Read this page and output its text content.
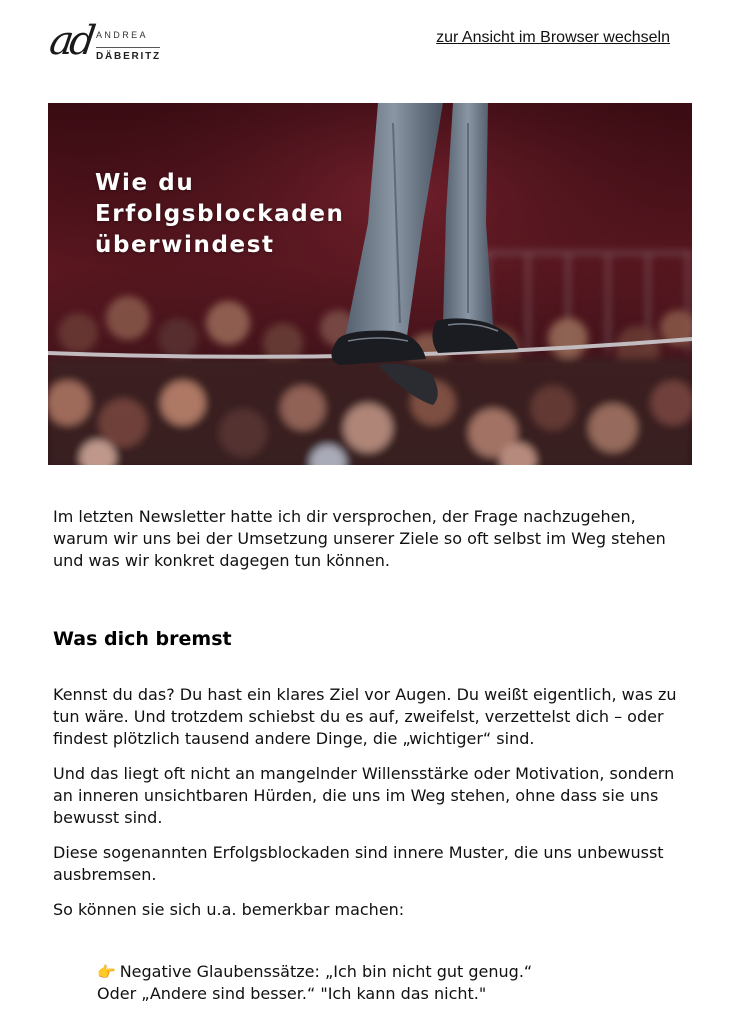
ad ANDREA
DÄBERITZ
zur Ansicht im Browser wechseln
Wie du
Erfolgsblockaden
überwindest

Im letzten Newsletter hatte ich dir versprochen, der Frage nachzugehen, warum wir uns bei der Umsetzung unserer Ziele so oft selbst im Weg stehen und was wir konkret dagegen tun können.

Was dich bremst

Kennst du das? Du hast ein klares Ziel vor Augen. Du weißt eigentlich, was zu tun wäre. Und trotzdem schiebst du es auf, zweifelst, verzettelst dich – oder findest plötzlich tausend andere Dinge, die „wichtiger“ sind.

Und das liegt oft nicht an mangelnder Willensstärke oder Motivation, sondern an inneren unsichtbaren Hürden, die uns im Weg stehen, ohne dass sie uns bewusst sind.

Diese sogenannten Erfolgsblockaden sind innere Muster, die uns unbewusst ausbremsen.

So können sie sich u.a. bemerkbar machen:

👉 Negative Glaubenssätze: „Ich bin nicht gut genug.“
Oder „Andere sind besser.“ "Ich kann das nicht."
